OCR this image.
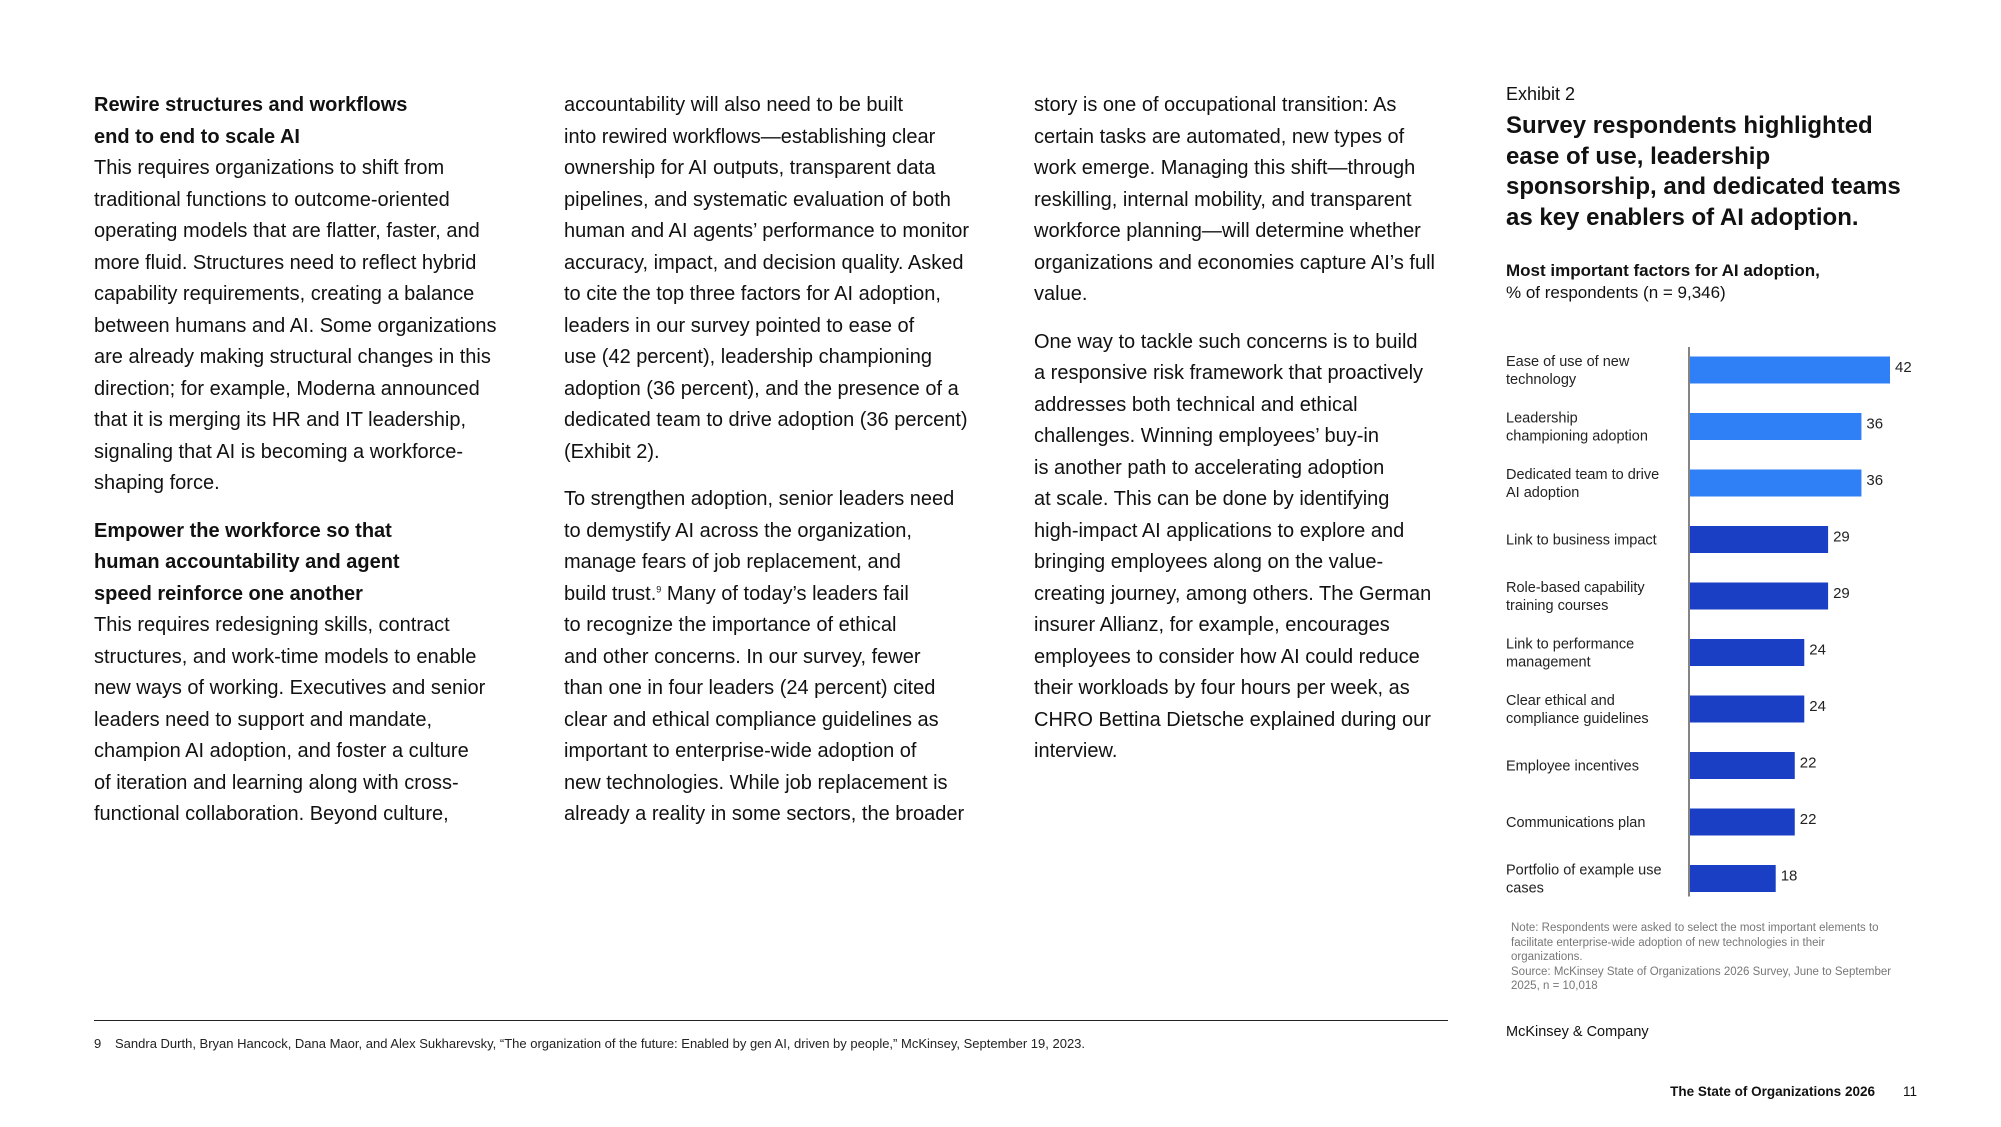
Rewire structures and workflows
end to end to scale AI

This requires organizations to shift from
traditional functions to outcome-oriented
operating models that are flatter, faster, and
more fluid. Structures need to reflect hybrid
capability requirements, creating a balance
between humans and AI. Some organizations
are already making structural changes in this
direction; for example, Moderna announced
that it is merging its HR and IT leadership,
signaling that AI is becoming a workforce-
shaping force.

Empower the workforce so that
human accountability and agent
speed reinforce one another

This requires redesigning skills, contract
structures, and work-time models to enable
new ways of working. Executives and senior
leaders need to support and mandate,
champion AI adoption, and foster a culture
of iteration and learning along with cross-
functional collaboration. Beyond culture,

accountability will also need to be built
into rewired workflows—establishing clear
ownership for AI outputs, transparent data
pipelines, and systematic evaluation of both
human and AI agents’ performance to monitor
accuracy, impact, and decision quality. Asked
to cite the top three factors for AI adoption,
leaders in our survey pointed to ease of
use (42 percent), leadership championing
adoption (36 percent), and the presence of a
dedicated team to drive adoption (36 percent)
(Exhibit 2).

To strengthen adoption, senior leaders need
to demystify AI across the organization,
manage fears of job replacement, and
build trust.$^9$ Many of today’s leaders fail
to recognize the importance of ethical
and other concerns. In our survey, fewer
than one in four leaders (24 percent) cited
clear and ethical compliance guidelines as
important to enterprise-wide adoption of
new technologies. While job replacement is
already a reality in some sectors, the broader

story is one of occupational transition: As
certain tasks are automated, new types of
work emerge. Managing this shift—through
reskilling, internal mobility, and transparent
workforce planning—will determine whether
organizations and economies capture AI’s full
value.

One way to tackle such concerns is to build
a responsive risk framework that proactively
addresses both technical and ethical
challenges. Winning employees’ buy-in
is another path to accelerating adoption
at scale. This can be done by identifying
high-impact AI applications to explore and
bringing employees along on the value-
creating journey, among others. The German
insurer Allianz, for example, encourages
employees to consider how AI could reduce
their workloads by four hours per week, as
CHRO Bettina Dietsche explained during our
interview.

Exhibit 2
Survey respondents highlighted
ease of use, leadership
sponsorship, and dedicated teams
as key enablers of AI adoption.
Most important factors for AI adoption,
% of respondents (n = 9,346)
Ease of use of new technology
42
Leadership championing adoption
36
Dedicated team to drive AI adoption
36
Link to business impact	29
Role-based capability training courses
29
Link to performance management
24
Clear ethical and compliance guidelines
24
Employee incentives	22
Communications plan	22
Portfolio of example use cases
18
Note: Respondents were asked to select the most important elements to
facilitate enterprise-wide adoption of new technologies in their
organizations.
Source: McKinsey State of Organizations 2026 Survey, June to September
2025, n = 10,018
McKinsey & Company
9 Sandra Durth, Bryan Hancock, Dana Maor, and Alex Sukharevsky, “The organization of the future: Enabled by gen AI, driven by people,” McKinsey, September 19, 2023.
The State of Organizations 2026 11
